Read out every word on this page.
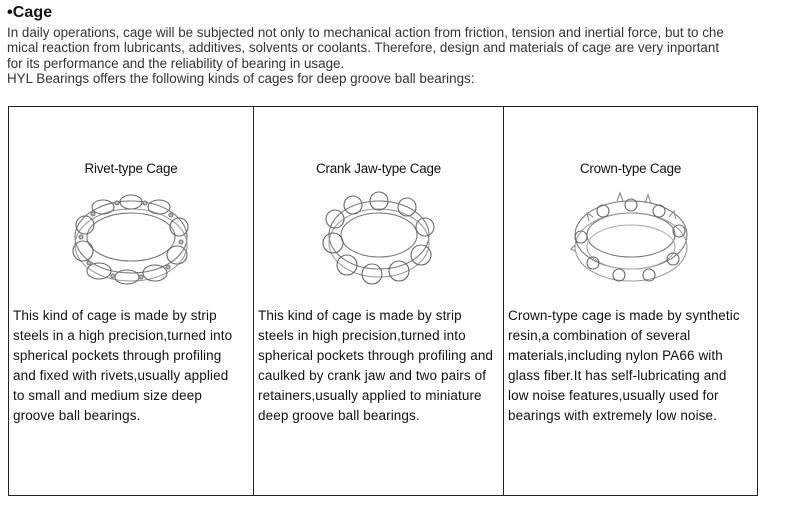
•Cage

In daily operations, cage will be subjected not only to mechanical action from friction, tension and inertial force, but to che

mical reaction from lubricants, additives, solvents or coolants. Therefore, design and materials of cage are very inportant

for its performance and the reliability of bearing in usage.

HYL Bearings offers the following kinds of cages for deep groove ball bearings:

Rivet-type Cage
This kind of cage is made by strip
steels in a high precision,turned into
spherical pockets through profiling
and fixed with rivets,usually applied
to small and medium size deep
groove ball bearings.
Crank Jaw-type Cage
This kind of cage is made by strip
steels in high precision,turned into
spherical pockets through profiling and
caulked by crank jaw and two pairs of
retainers,usually applied to miniature
deep groove ball bearings.
Crown-type Cage
Crown-type cage is made by synthetic
resin,a combination of several
materials,including nylon PA66 with
glass fiber.It has self-lubricating and
low noise features,usually used for
bearings with extremely low noise.
